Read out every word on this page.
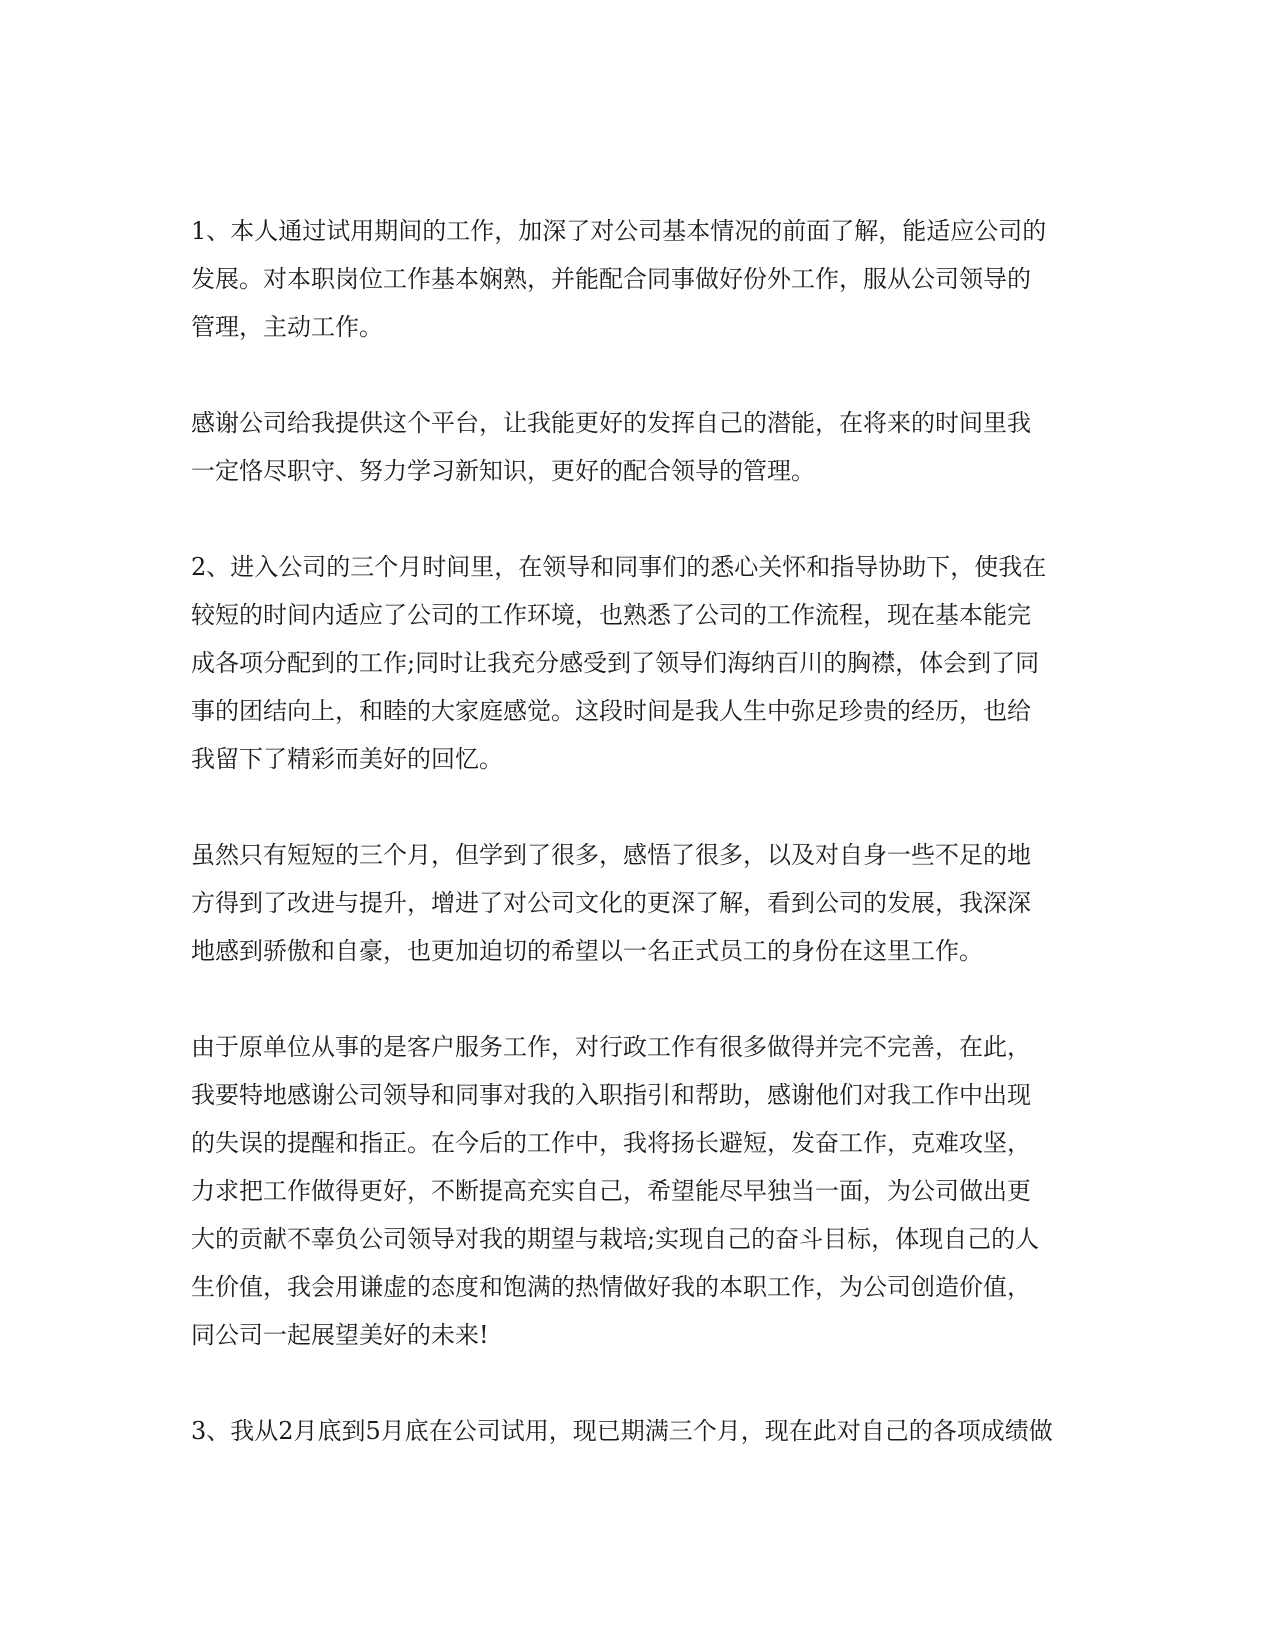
1、本人通过试用期间的工作，加深了对公司基本情况的前面了解，能适应公司的
发展。对本职岗位工作基本娴熟，并能配合同事做好份外工作，服从公司领导的
管理，主动工作。
感谢公司给我提供这个平台，让我能更好的发挥自己的潜能，在将来的时间里我
一定恪尽职守、努力学习新知识，更好的配合领导的管理。
2、进入公司的三个月时间里，在领导和同事们的悉心关怀和指导协助下，使我在
较短的时间内适应了公司的工作环境，也熟悉了公司的工作流程，现在基本能完
成各项分配到的工作;同时让我充分感受到了领导们海纳百川的胸襟，体会到了同
事的团结向上，和睦的大家庭感觉。这段时间是我人生中弥足珍贵的经历，也给
我留下了精彩而美好的回忆。
虽然只有短短的三个月，但学到了很多，感悟了很多，以及对自身一些不足的地
方得到了改进与提升，增进了对公司文化的更深了解，看到公司的发展，我深深
地感到骄傲和自豪，也更加迫切的希望以一名正式员工的身份在这里工作。
由于原单位从事的是客户服务工作，对行政工作有很多做得并完不完善，在此，
我要特地感谢公司领导和同事对我的入职指引和帮助，感谢他们对我工作中出现
的失误的提醒和指正。在今后的工作中，我将扬长避短，发奋工作，克难攻坚，
力求把工作做得更好，不断提高充实自己，希望能尽早独当一面，为公司做出更
大的贡献不辜负公司领导对我的期望与栽培;实现自己的奋斗目标，体现自己的人
生价值，我会用谦虚的态度和饱满的热情做好我的本职工作，为公司创造价值，
同公司一起展望美好的未来!
3、我从2月底到5月底在公司试用，现已期满三个月，现在此对自己的各项成绩做
